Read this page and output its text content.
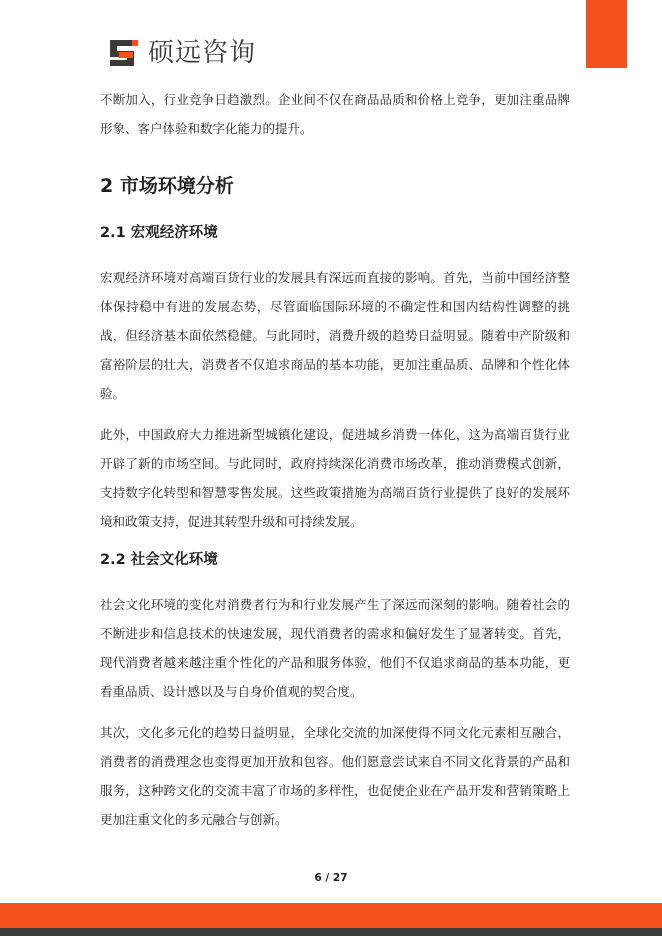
硕远咨询

不断加入，行业竞争日趋激烈。企业间不仅在商品品质和价格上竞争，更加注重品牌形象、客户体验和数字化能力的提升。

2 市场环境分析
2.1 宏观经济环境

宏观经济环境对高端百货行业的发展具有深远而直接的影响。首先，当前中国经济整体保持稳中有进的发展态势，尽管面临国际环境的不确定性和国内结构性调整的挑战，但经济基本面依然稳健。与此同时，消费升级的趋势日益明显。随着中产阶级和富裕阶层的壮大，消费者不仅追求商品的基本功能，更加注重品质、品牌和个性化体验。

此外，中国政府大力推进新型城镇化建设，促进城乡消费一体化，这为高端百货行业开辟了新的市场空间。与此同时，政府持续深化消费市场改革，推动消费模式创新，支持数字化转型和智慧零售发展。这些政策措施为高端百货行业提供了良好的发展环境和政策支持，促进其转型升级和可持续发展。

2.2 社会文化环境

社会文化环境的变化对消费者行为和行业发展产生了深远而深刻的影响。随着社会的不断进步和信息技术的快速发展，现代消费者的需求和偏好发生了显著转变。首先，现代消费者越来越注重个性化的产品和服务体验，他们不仅追求商品的基本功能，更看重品质、设计感以及与自身价值观的契合度。

其次，文化多元化的趋势日益明显，全球化交流的加深使得不同文化元素相互融合，消费者的消费理念也变得更加开放和包容。他们愿意尝试来自不同文化背景的产品和服务，这种跨文化的交流丰富了市场的多样性，也促使企业在产品开发和营销策略上更加注重文化的多元融合与创新。

6 / 27
